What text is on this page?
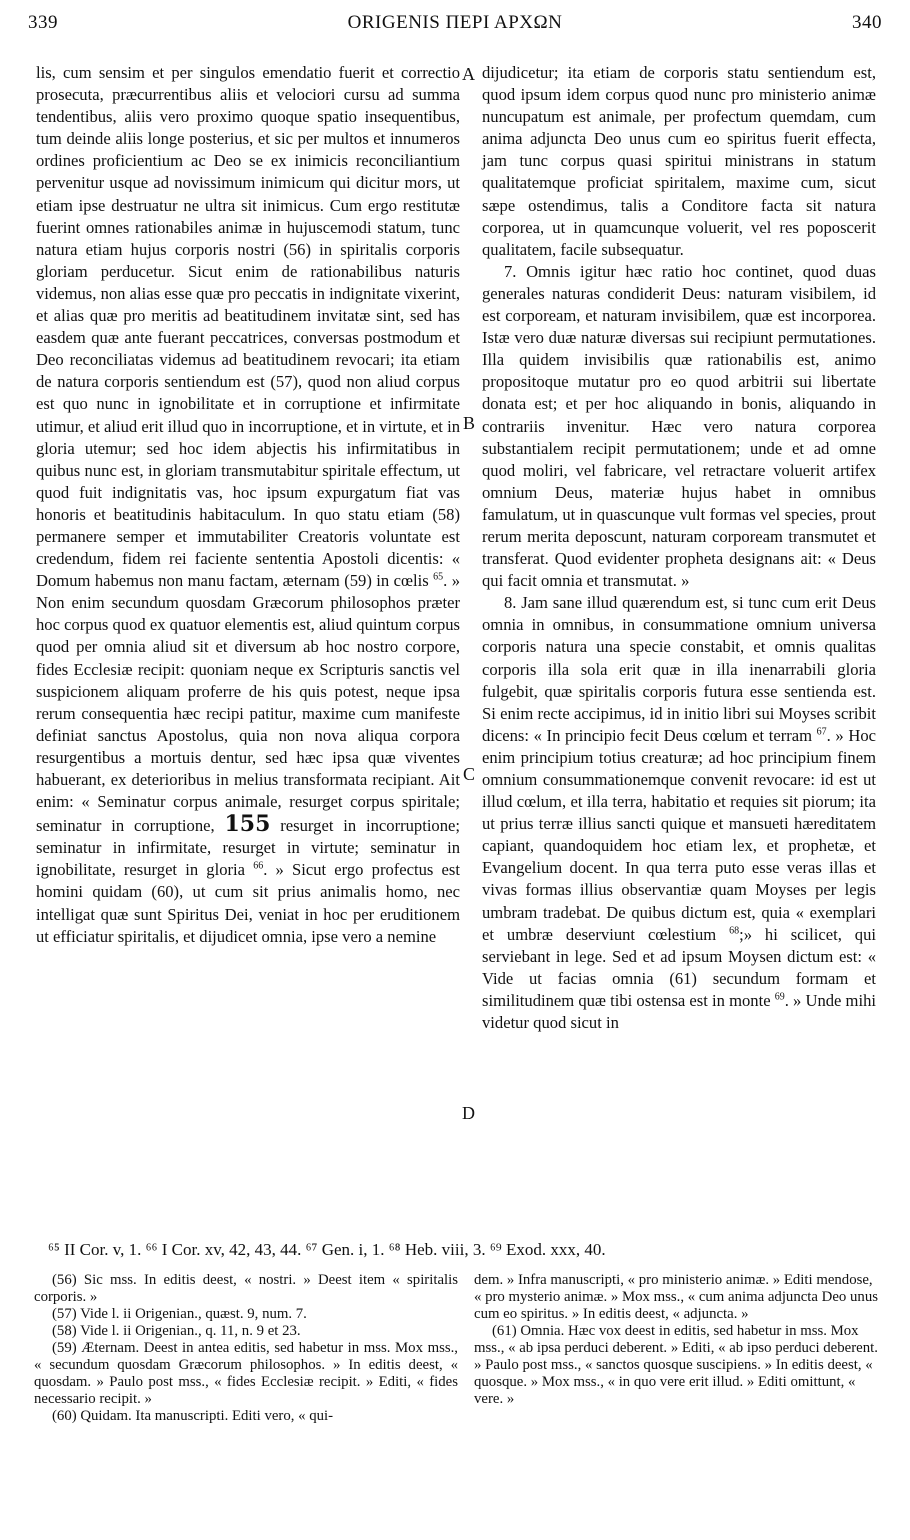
339	ORIGENIS ΠΕΡΙ ΑΡΧΩΝ	340

lis, cum sensim et per singulos emendatio fuerit et correctio prosecuta, præcurrentibus aliis et velociori cursu ad summa tendentibus, aliis vero proximo quoque spatio insequentibus, tum deinde aliis longe posterius, et sic per multos et innumeros ordines proficientium ac Deo se ex inimicis reconciliantium pervenitur usque ad novissimum inimicum qui dicitur mors, ut etiam ipse destruatur ne ultra sit inimicus. Cum ergo restitutæ fuerint omnes rationabiles animæ in hujuscemodi statum, tunc natura etiam hujus corporis nostri (56) in spiritalis corporis gloriam perducetur. Sicut enim de rationabilibus naturis videmus, non alias esse quæ pro peccatis in indignitate vixerint, et alias quæ pro meritis ad beatitudinem invitatæ sint, sed has easdem quæ ante fuerant peccatrices, conversas postmodum et Deo reconciliatas videmus ad beatitudinem revocari; ita etiam de natura corporis sentiendum est (57), quod non aliud corpus est quo nunc in ignobilitate et in corruptione et infirmitate utimur, et aliud erit illud quo in incorruptione, et in virtute, et in gloria utemur; sed hoc idem abjectis his infirmitatibus in quibus nunc est, in gloriam transmutabitur spiritale effectum, ut quod fuit indignitatis vas, hoc ipsum expurgatum fiat vas honoris et beatitudinis habitaculum. In quo statu etiam (58) permanere semper et immutabiliter Creatoris voluntate est credendum, fidem rei faciente sententia Apostoli dicentis: « Domum habemus non manu factam, æternam (59) in cœlis $^{65}$. » Non enim secundum quosdam Græcorum philosophos præter hoc corpus quod ex quatuor elementis est, aliud quintum corpus quod per omnia aliud sit et diversum ab hoc nostro corpore, fides Ecclesiæ recipit: quoniam neque ex Scripturis sanctis vel suspicionem aliquam proferre de his quis potest, neque ipsa rerum consequentia hæc recipi patitur, maxime cum manifeste definiat sanctus Apostolus, quia non nova aliqua corpora resurgentibus a mortuis dentur, sed hæc ipsa quæ viventes habuerant, ex deterioribus in melius transformata recipiant. Ait enim: « Seminatur corpus animale, resurget corpus spiritale; seminatur in corruptione, 155 resurget in incorruptione; seminatur in infirmitate, resurget in virtute; seminatur in ignobilitate, resurget in gloria $^{66}$. » Sicut ergo profectus est homini quidam (60), ut cum sit prius animalis homo, nec intelligat quæ sunt Spiritus Dei, veniat in hoc per eruditionem ut efficiatur spiritalis, et dijudicet omnia, ipse vero a nemine

A
B
C
D

dijudicetur; ita etiam de corporis statu sentiendum est, quod ipsum idem corpus quod nunc pro ministerio animæ nuncupatum est animale, per profectum quemdam, cum anima adjuncta Deo unus cum eo spiritus fuerit effecta, jam tunc corpus quasi spiritui ministrans in statum qualitatemque proficiat spiritalem, maxime cum, sicut sæpe ostendimus, talis a Conditore facta sit natura corporea, ut in quamcunque voluerit, vel res poposcerit qualitatem, facile subsequatur.

7. Omnis igitur hæc ratio hoc continet, quod duas generales naturas condiderit Deus: naturam visibilem, id est corpoream, et naturam invisibilem, quæ est incorporea. Istæ vero duæ naturæ diversas sui recipiunt permutationes. Illa quidem invisibilis quæ rationabilis est, animo propositoque mutatur pro eo quod arbitrii sui libertate donata est; et per hoc aliquando in bonis, aliquando in contrariis invenitur. Hæc vero natura corporea substantialem recipit permutationem; unde et ad omne quod moliri, vel fabricare, vel retractare voluerit artifex omnium Deus, materiæ hujus habet in omnibus famulatum, ut in quascunque vult formas vel species, prout rerum merita deposcunt, naturam corpoream transmutet et transferat. Quod evidenter propheta designans ait: « Deus qui facit omnia et transmutat. »

8. Jam sane illud quærendum est, si tunc cum erit Deus omnia in omnibus, in consummatione omnium universa corporis natura una specie constabit, et omnis qualitas corporis illa sola erit quæ in illa inenarrabili gloria fulgebit, quæ spiritalis corporis futura esse sentienda est. Si enim recte accipimus, id in initio libri sui Moyses scribit dicens: « In principio fecit Deus cœlum et terram $^{67}$. » Hoc enim principium totius creaturæ; ad hoc principium finem omnium consummationemque convenit revocare: id est ut illud cœlum, et illa terra, habitatio et requies sit piorum; ita ut prius terræ illius sancti quique et mansueti hæreditatem capiant, quandoquidem hoc etiam lex, et prophetæ, et Evangelium docent. In qua terra puto esse veras illas et vivas formas illius observantiæ quam Moyses per legis umbram tradebat. De quibus dictum est, quia « exemplari et umbræ deserviunt cœlestium $^{68}$;» hi scilicet, qui serviebant in lege. Sed et ad ipsum Moysen dictum est: « Vide ut facias omnia (61) secundum formam et similitudinem quæ tibi ostensa est in monte $^{69}$. » Unde mihi videtur quod sicut in

⁶⁵ II Cor. v, 1. ⁶⁶ I Cor. xv, 42, 43, 44. ⁶⁷ Gen. i, 1. ⁶⁸ Heb. viii, 3. ⁶⁹ Exod. xxx, 40.

(56) Sic mss. In editis deest, « nostri. » Deest item « spiritalis corporis. »

(57) Vide l. ii Origenian., quæst. 9, num. 7.

(58) Vide l. ii Origenian., q. 11, n. 9 et 23.

(59) Æternam. Deest in antea editis, sed habetur in mss. Mox mss., « secundum quosdam Græcorum philosophos. » In editis deest, « quosdam. » Paulo post mss., « fides Ecclesiæ recipit. » Editi, « fides necessario recipit. »

(60) Quidam. Ita manuscripti. Editi vero, « qui-

dem. » Infra manuscripti, « pro ministerio animæ. » Editi mendose, « pro mysterio animæ. » Mox mss., « cum anima adjuncta Deo unus cum eo spiritus. » In editis deest, « adjuncta. »

(61) Omnia. Hæc vox deest in editis, sed habetur in mss. Mox mss., « ab ipsa perduci deberent. » Editi, « ab ipso perduci deberent. » Paulo post mss., « sanctos quosque suscipiens. » In editis deest, « quosque. » Mox mss., « in quo vere erit illud. » Editi omittunt, « vere. »
